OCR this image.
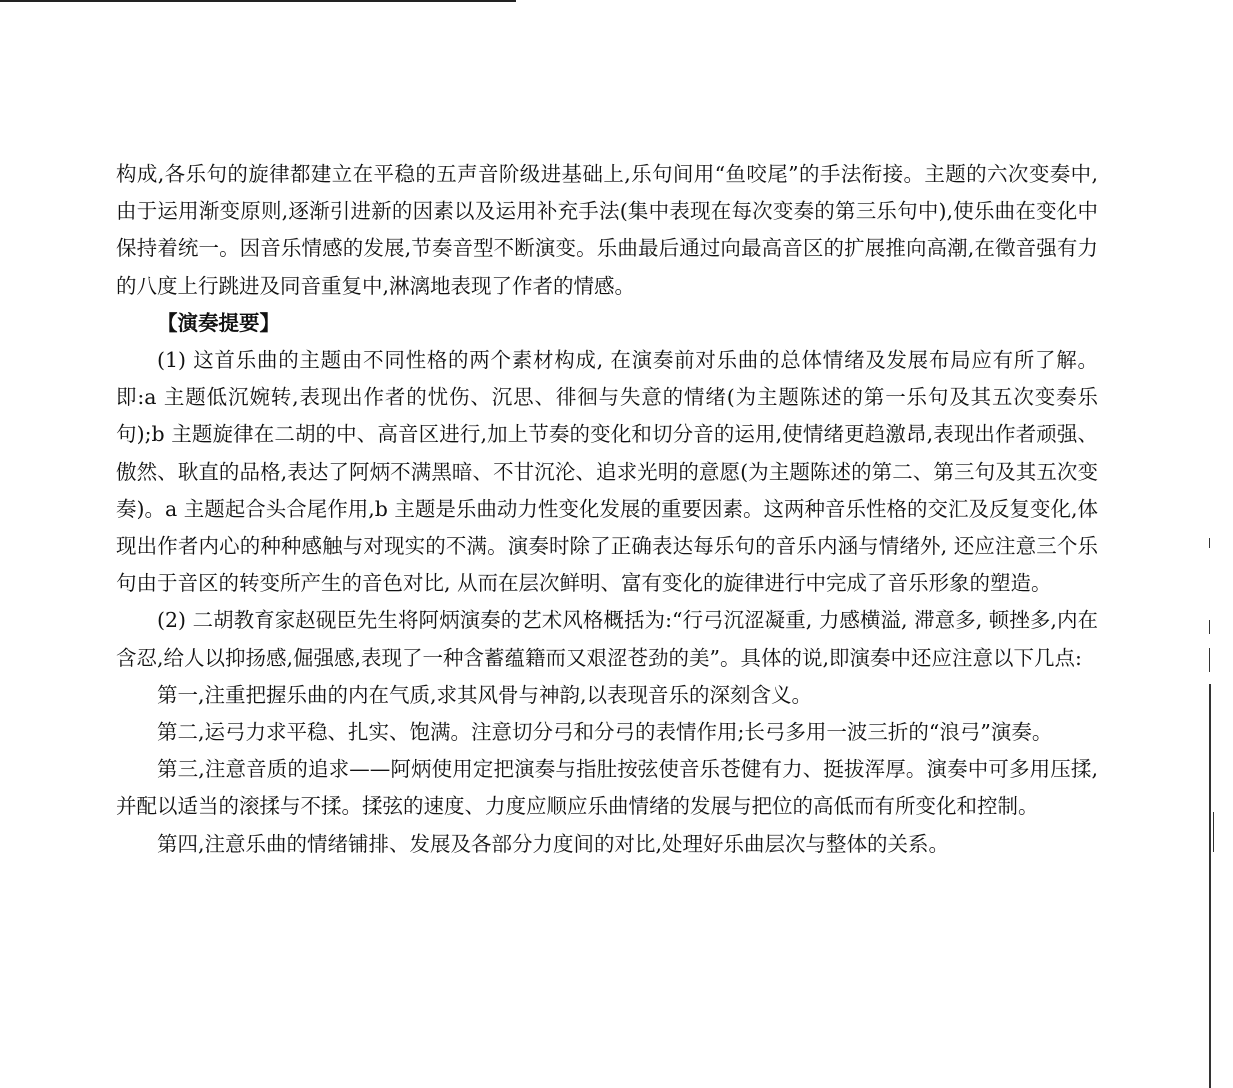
构成,各乐句的旋律都建立在平稳的五声音阶级进基础上,乐句间用“鱼咬尾”的手法衔接。主题的六次变奏中,由于运用渐变原则,逐渐引进新的因素以及运用补充手法(集中表现在每次变奏的第三乐句中),使乐曲在变化中保持着统一。因音乐情感的发展,节奏音型不断演变。乐曲最后通过向最高音区的扩展推向高潮,在徵音强有力的八度上行跳进及同音重复中,淋漓地表现了作者的情感。

【演奏提要】

(1) 这首乐曲的主题由不同性格的两个素材构成, 在演奏前对乐曲的总体情绪及发展布局应有所了解。即:a 主题低沉婉转,表现出作者的忧伤、沉思、徘徊与失意的情绪(为主题陈述的第一乐句及其五次变奏乐句);b 主题旋律在二胡的中、高音区进行,加上节奏的变化和切分音的运用,使情绪更趋激昂,表现出作者顽强、傲然、耿直的品格,表达了阿炳不满黑暗、不甘沉沦、追求光明的意愿(为主题陈述的第二、第三句及其五次变奏)。a 主题起合头合尾作用,b 主题是乐曲动力性变化发展的重要因素。这两种音乐性格的交汇及反复变化,体现出作者内心的种种感触与对现实的不满。演奏时除了正确表达每乐句的音乐内涵与情绪外, 还应注意三个乐句由于音区的转变所产生的音色对比, 从而在层次鲜明、富有变化的旋律进行中完成了音乐形象的塑造。

(2) 二胡教育家赵砚臣先生将阿炳演奏的艺术风格概括为:“行弓沉涩凝重, 力感横溢, 滞意多, 顿挫多,内在含忍,给人以抑扬感,倔强感,表现了一种含蓄蕴籍而又艰涩苍劲的美”。具体的说,即演奏中还应注意以下几点:

第一,注重把握乐曲的内在气质,求其风骨与神韵,以表现音乐的深刻含义。

第二,运弓力求平稳、扎实、饱满。注意切分弓和分弓的表情作用;长弓多用一波三折的“浪弓”演奏。

第三,注意音质的追求——阿炳使用定把演奏与指肚按弦使音乐苍健有力、挺拔浑厚。演奏中可多用压揉,并配以适当的滚揉与不揉。揉弦的速度、力度应顺应乐曲情绪的发展与把位的高低而有所变化和控制。

第四,注意乐曲的情绪铺排、发展及各部分力度间的对比,处理好乐曲层次与整体的关系。
